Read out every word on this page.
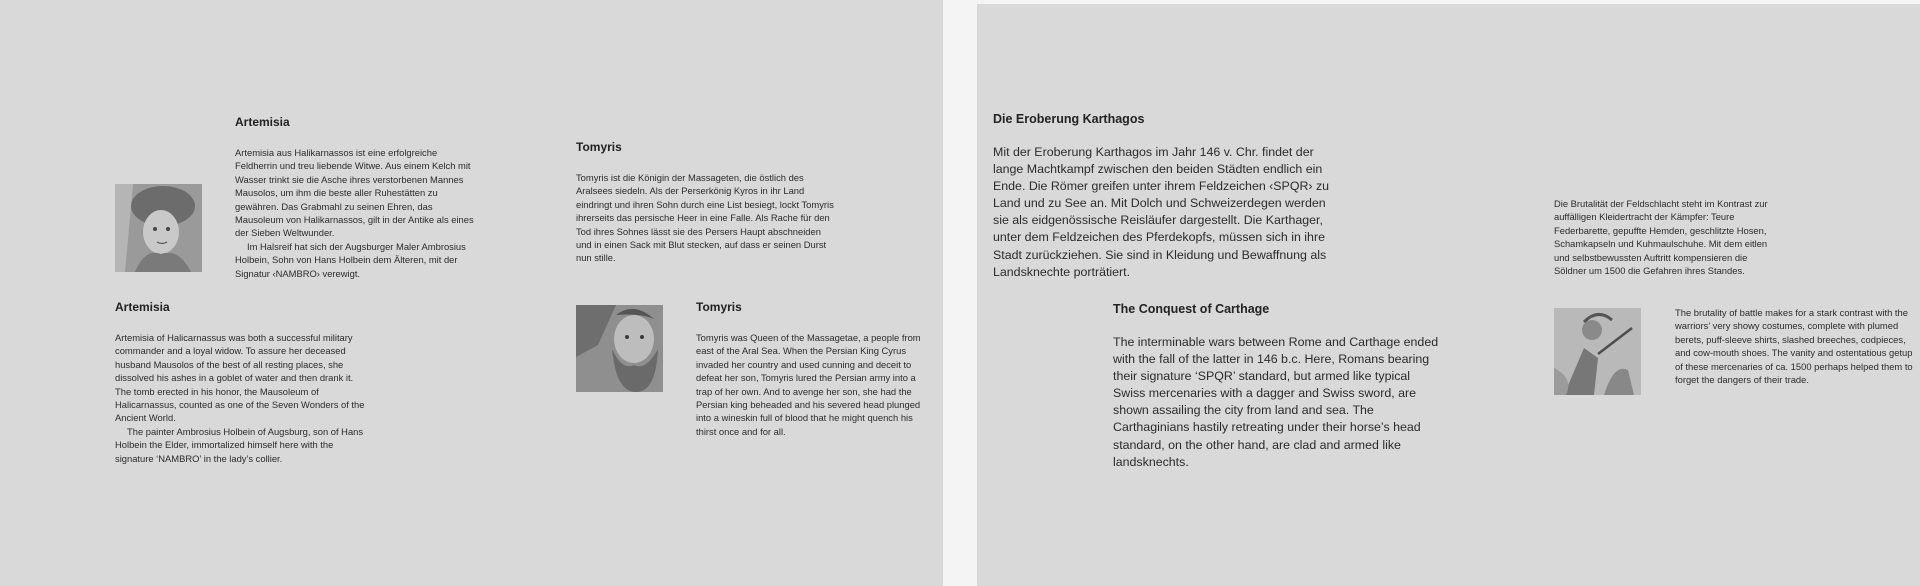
Artemisia

Artemisia aus Halikarnassos ist eine erfolgreiche Feldherrin und treu liebende Witwe. Aus einem Kelch mit Wasser trinkt sie die Asche ihres verstorbenen Mannes Mausolos, um ihm die beste aller Ruhestätten zu gewähren. Das Grabmahl zu seinen Ehren, das Mausoleum von Halikarnassos, gilt in der Antike als eines der Sieben Weltwunder.

Im Halsreif hat sich der Augsburger Maler Ambrosius Holbein, Sohn von Hans Holbein dem Älteren, mit der Signatur ‹NAMBRO› verewigt.

Tomyris

Tomyris ist die Königin der Massageten, die östlich des Aralsees siedeln. Als der Perserkönig Kyros in ihr Land eindringt und ihren Sohn durch eine List besiegt, lockt Tomyris ihrerseits das persische Heer in eine Falle. Als Rache für den Tod ihres Sohnes lässt sie des Persers Haupt abschneiden und in einen Sack mit Blut stecken, auf dass er seinen Durst nun stille.

Artemisia

Artemisia of Halicarnassus was both a successful military commander and a loyal widow. To assure her deceased husband Mausolos of the best of all resting places, she dissolved his ashes in a goblet of water and then drank it. The tomb erected in his honor, the Mausoleum of Halicarnassus, counted as one of the Seven Wonders of the Ancient World.

The painter Ambrosius Holbein of Augsburg, son of Hans Holbein the Elder, immortalized himself here with the signature ‘NAMBRO’ in the lady’s collier.

Tomyris

Tomyris was Queen of the Massagetae, a people from east of the Aral Sea. When the Persian King Cyrus invaded her country and used cunning and deceit to defeat her son, Tomyris lured the Persian army into a trap of her own. And to avenge her son, she had the Persian king beheaded and his severed head plunged into a wineskin full of blood that he might quench his thirst once and for all.

Die Eroberung Karthagos

Mit der Eroberung Karthagos im Jahr 146 v. Chr. findet der lange Machtkampf zwischen den beiden Städten endlich ein Ende. Die Römer greifen unter ihrem Feldzeichen ‹SPQR› zu Land und zu See an. Mit Dolch und Schweizerdegen werden sie als eidgenössische Reisläufer dargestellt. Die Karthager, unter dem Feldzeichen des Pferdekopfs, müssen sich in ihre Stadt zurückziehen. Sie sind in Kleidung und Bewaffnung als Landsknechte porträtiert.

The Conquest of Carthage

The interminable wars between Rome and Carthage ended with the fall of the latter in 146 b.c. Here, Romans bearing their signature ‘SPQR’ standard, but armed like typical Swiss mercenaries with a dagger and Swiss sword, are shown assailing the city from land and sea. The Carthaginians hastily retreating under their horse’s head standard, on the other hand, are clad and armed like landsknechts.

Die Brutalität der Feldschlacht steht im Kontrast zur auffälligen Kleidertracht der Kämpfer: Teure Federbarette, gepuffte Hemden, geschlitzte Hosen, Schamkapseln und Kuhmaulschuhe. Mit dem eitlen und selbstbewussten Auftritt kompensieren die Söldner um 1500 die Gefahren ihres Standes.

The brutality of battle makes for a stark contrast with the warriors’ very showy costumes, complete with plumed berets, puff-sleeve shirts, slashed breeches, codpieces, and cow-mouth shoes. The vanity and ostentatious getup of these mercenaries of ca. 1500 perhaps helped them to forget the dangers of their trade.
